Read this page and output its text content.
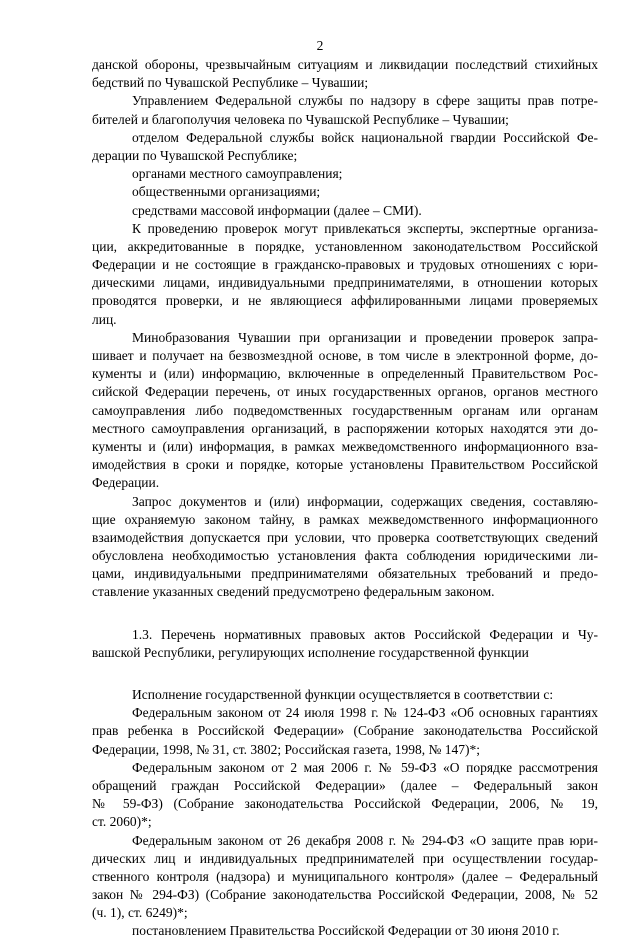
2
данской обороны, чрезвычайным ситуациям и ликвидации последствий стихийных
бедствий по Чувашской Республике – Чувашии;
Управлением Федеральной службы по надзору в сфере защиты прав потре-
бителей и благополучия человека по Чувашской Республике – Чувашии;
отделом Федеральной службы войск национальной гвардии Российской Фе-
дерации по Чувашской Республике;
органами местного самоуправления;
общественными организациями;
средствами массовой информации (далее – СМИ).
К проведению проверок могут привлекаться эксперты, экспертные организа-
ции, аккредитованные в порядке, установленном законодательством Российской
Федерации и не состоящие в гражданско-правовых и трудовых отношениях с юри-
дическими лицами, индивидуальными предпринимателями, в отношении которых
проводятся проверки, и не являющиеся аффилированными лицами проверяемых
лиц.
Минобразования Чувашии при организации и проведении проверок запра-
шивает и получает на безвозмездной основе, в том числе в электронной форме, до-
кументы и (или) информацию, включенные в определенный Правительством Рос-
сийской Федерации перечень, от иных государственных органов, органов местного
самоуправления либо подведомственных государственным органам или органам
местного самоуправления организаций, в распоряжении которых находятся эти до-
кументы и (или) информация, в рамках межведомственного информационного вза-
имодействия в сроки и порядке, которые установлены Правительством Российской
Федерации.
Запрос документов и (или) информации, содержащих сведения, составляю-
щие охраняемую законом тайну, в рамках межведомственного информационного
взаимодействия допускается при условии, что проверка соответствующих сведений
обусловлена необходимостью установления факта соблюдения юридическими ли-
цами, индивидуальными предпринимателями обязательных требований и предо-
ставление указанных сведений предусмотрено федеральным законом.
1.3. Перечень нормативных правовых актов Российской Федерации и Чу-
вашской Республики, регулирующих исполнение государственной функции
Исполнение государственной функции осуществляется в соответствии с:
Федеральным законом от 24 июля 1998 г. № 124-ФЗ «Об основных гарантиях
прав ребенка в Российской Федерации» (Собрание законодательства Российской
Федерации, 1998, № 31, ст. 3802; Российская газета, 1998, № 147)*;
Федеральным законом от 2 мая 2006 г. № 59-ФЗ «О порядке рассмотрения
обращений граждан Российской Федерации» (далее – Федеральный закон
№ 59-ФЗ) (Собрание законодательства Российской Федерации, 2006, № 19,
ст. 2060)*;
Федеральным законом от 26 декабря 2008 г. № 294-ФЗ «О защите прав юри-
дических лиц и индивидуальных предпринимателей при осуществлении государ-
ственного контроля (надзора) и муниципального контроля» (далее – Федеральный
закон № 294-ФЗ) (Собрание законодательства Российской Федерации, 2008, № 52
(ч. 1), ст. 6249)*;
постановлением Правительства Российской Федерации от 30 июня 2010 г.
